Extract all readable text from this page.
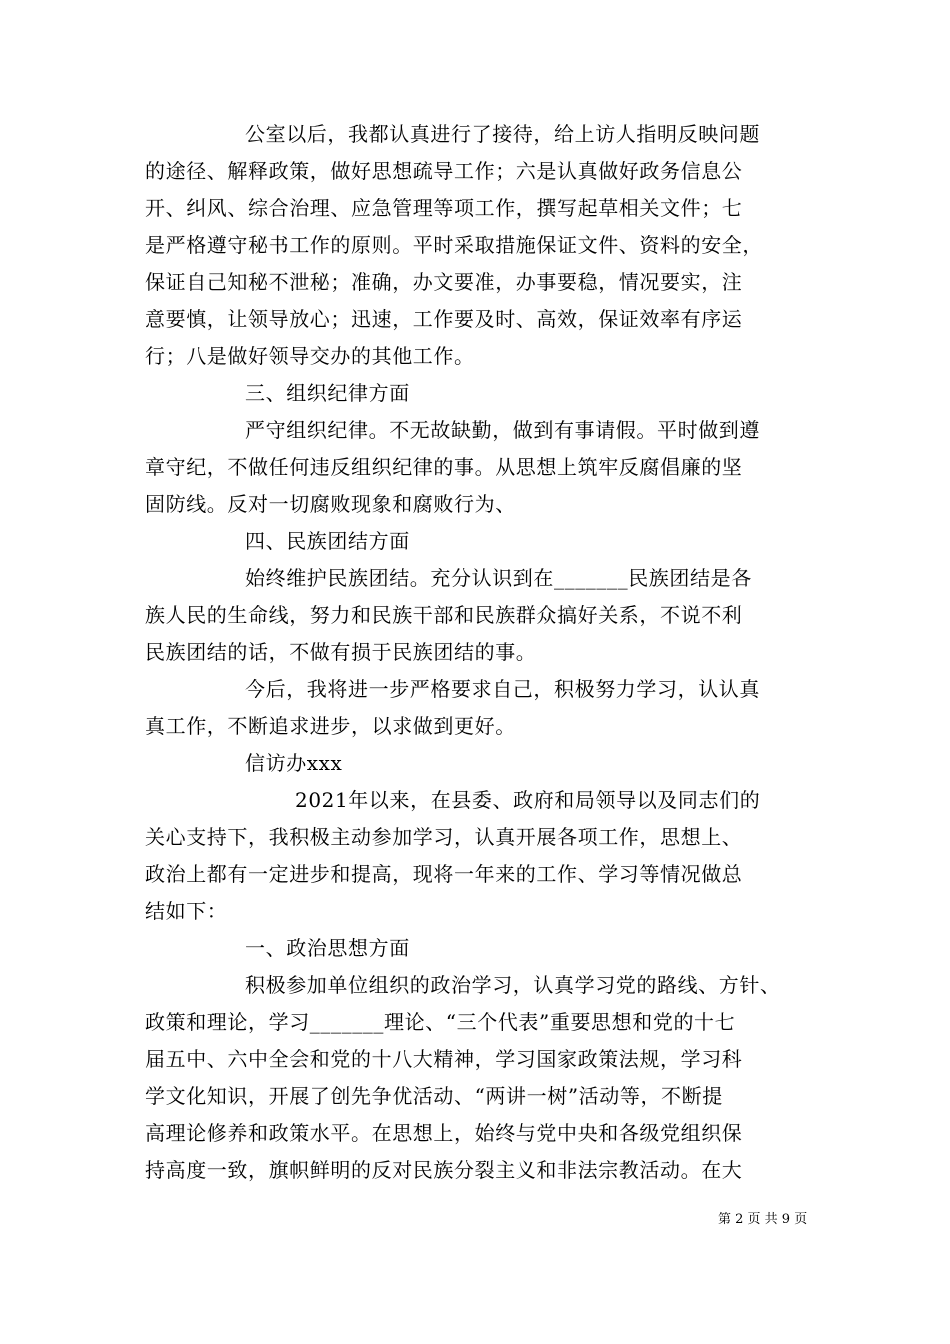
公室以后，我都认真进行了接待，给上访人指明反映问题
的途径、解释政策，做好思想疏导工作；六是认真做好政务信息公
开、纠风、综合治理、应急管理等项工作，撰写起草相关文件；七
是严格遵守秘书工作的原则。平时采取措施保证文件、资料的安全，
保证自己知秘不泄秘；准确，办文要准，办事要稳，情况要实，注
意要慎，让领导放心；迅速，工作要及时、高效，保证效率有序运
行；八是做好领导交办的其他工作。
三、组织纪律方面
严守组织纪律。不无故缺勤，做到有事请假。平时做到遵
章守纪，不做任何违反组织纪律的事。从思想上筑牢反腐倡廉的坚
固防线。反对一切腐败现象和腐败行为、
四、民族团结方面
始终维护民族团结。充分认识到在_______民族团结是各
族人民的生命线，努力和民族干部和民族群众搞好关系，不说不利
民族团结的话，不做有损于民族团结的事。
今后，我将进一步严格要求自己，积极努力学习，认认真
真工作，不断追求进步，以求做到更好。
信访办xxx
2021年以来，在县委、政府和局领导以及同志们的
关心支持下，我积极主动参加学习，认真开展各项工作，思想上、
政治上都有一定进步和提高，现将一年来的工作、学习等情况做总
结如下：
一、政治思想方面
积极参加单位组织的政治学习，认真学习党的路线、方针、
政策和理论，学习_______理论、“三个代表”重要思想和党的十七
届五中、六中全会和党的十八大精神，学习国家政策法规，学习科
学文化知识，开展了创先争优活动、“两讲一树”活动等，不断提
高理论修养和政策水平。在思想上，始终与党中央和各级党组织保
持高度一致，旗帜鲜明的反对民族分裂主义和非法宗教活动。在大
第 2 页 共 9 页
